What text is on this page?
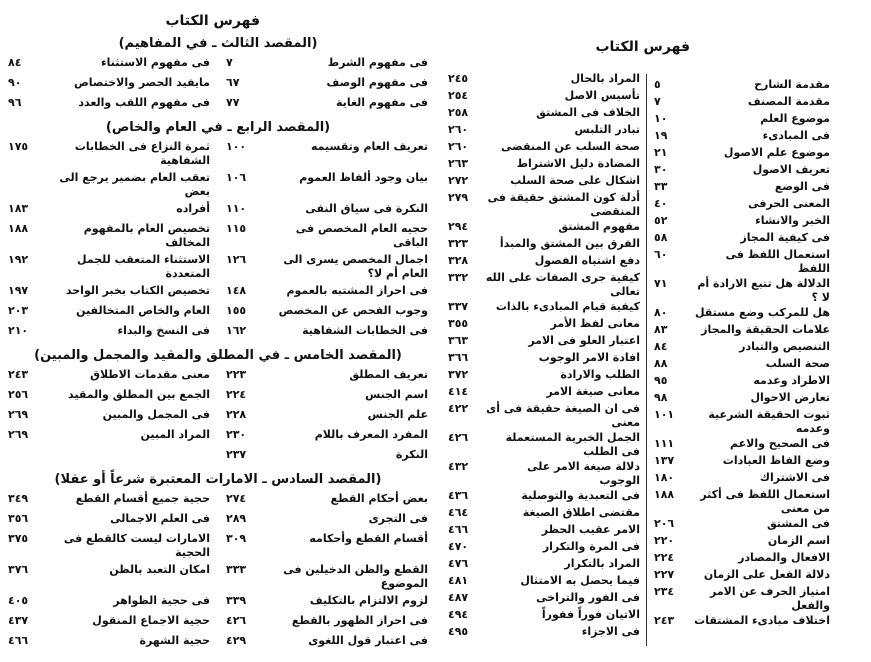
فهرس الكتاب
مقدمة الشارح
٥
مقدمة المصنف
٧
موضوع العلم
١٠
فى المبادىء
١٩
موضوع علم الاصول
٢١
تعريف الاصول
٣٠
فى الوضع
٣٣
المعنى الحرفى
٤٠
الخبر والانشاء
٥٢
فى كيفية المجاز
٥٨
استعمال اللفظ فى اللفظ
٦٠
الدلالة هل تتبع الارادة أم لا ؟
٧١
هل للمركب وضع مستقل
٨٠
علامات الحقيقة والمجاز
٨٣
التنصيص والتبادر
٨٤
صحة السلب
٨٨
الاطراد وعدمه
٩٥
تعارض الاحوال
٩٨
ثبوت الحقيقة الشرعية وعدمه
١٠١
فى الصحيح والاعم
١١١
وضع الفاظ العبادات
١٣٧
فى الاشتراك
١٨٠
استعمال اللفظ فى أكثر من معنى
١٨٨
فى المشتق
٢٠٦
اسم الزمان
٢٢٠
الافعال والمصادر
٢٢٤
دلالة الفعل على الزمان
٢٢٧
امتياز الحرف عن الامر والفعل
٢٣٤
اختلاف مبادىء المشتقات
٢٤٣
المراد بالحال
٢٤٥
تأسيس الاصل
٢٥٤
الخلاف فى المشتق
٢٥٨
تبادر التلبس
٢٦٠
صحة السلب عن المنقضى
٢٦٠
المضادة دليل الاشتراط
٢٦٣
اشكال على صحة السلب
٢٧٢
أدلة كون المشتق حقيقة فى المنقضى
٢٧٩
مفهوم المشتق
٢٩٤
الفرق بين المشتق والمبدأ
٣٢٣
دفع اشتباه الفصول
٣٢٨
كيفية جرى الصفات على الله تعالى
٣٣٢
كيفية قيام المبادىء بالذات
٣٣٧
معانى لفظ الأمر
٣٥٥
اعتبار العلو فى الامر
٣٦٣
افادة الامر الوجوب
٣٦٦
الطلب والارادة
٣٧٢
معانى صيغة الامر
٤١٤
فى ان الصيغة حقيقة فى أى معنى
٤٢٢
الجمل الخبرية المستعملة فى الطلب
٤٢٦
دلالة صيغة الامر على الوجوب
٤٣٢
فى التعبدية والتوصلية
٤٣٦
مقتضى اطلاق الصيغة
٤٦٤
الامر عقيب الحظر
٤٦٦
فى المرة والتكرار
٤٧٠
المراد بالتكرار
٤٧٦
فيما يحصل به الامتثال
٤٨١
فى الفور والتراخى
٤٨٧
الاتيان فوراً ففوراً
٤٩٤
فى الاجزاء
٤٩٥
فهرس الكتاب
(المقصد الثالث ـ في المفاهيم)
فى مفهوم الشرط
٧
فى مفهوم الاستثناء
٨٤
فى مفهوم الوصف
٦٧
مايفيد الحصر والاختصاص
٩٠
فى مفهوم الغاية
٧٧
فى مفهوم اللقب والعدد
٩٦
(المقصد الرابع ـ في العام والخاص)
تعريف العام وتقسيمه
١٠٠
ثمرة النزاع فى الخطابات الشفاهية
١٧٥
بيان وجود ألفاظ العموم
١٠٦
تعقب العام بضمير يرجع الى بعض
النكرة فى سياق النفى
١١٠
أفراده
١٨٣
حجيه العام المخصص فى الباقى
١١٥
تخصيص العام بالمفهوم المخالف
١٨٨
اجمال المخصص يسرى الى العام أم لا؟
١٢٦
الاستثناء المتعقب للجمل المتعددة
١٩٢
فى احراز المشتبه بالعموم
١٤٨
تخصيص الكتاب بخبر الواحد
١٩٧
وجوب الفحص عن المخصص
١٥٥
العام والخاص المتخالفين
٢٠٣
فى الخطابات الشفاهية
١٦٢
فى النسخ والبداء
٢١٠
(المقصد الخامس ـ في المطلق والمقيد والمجمل والمبين)
تعريف المطلق
٢٢٣
معنى مقدمات الاطلاق
٢٤٣
اسم الجنس
٢٢٤
الجمع بين المطلق والمقيد
٢٥٦
علم الجنس
٢٢٨
فى المجمل والمبين
٢٦٩
المفرد المعرف باللام
٢٣٠
المراد المبين
٢٦٩
النكرة
٢٣٧
(المقصد السادس ـ الامارات المعتبرة شرعاً أو عقلا)
بعض أحكام القطع
٢٧٤
حجية جميع أقسام القطع
٣٤٩
فى التجرى
٢٨٩
فى العلم الاجمالى
٣٥٦
أقسام القطع وأحكامه
٣٠٩
الامارات ليست كالقطع فى الحجية
٣٧٥
القطع والظن الدخيلين فى الموضوع
٣٣٣
امكان التعبد بالظن
٣٧٦
لزوم الالتزام بالتكليف
٣٣٩
فى حجية الظواهر
٤٠٥
فى احراز الظهور بالقطع
٤٢٦
حجية الاجماع المنقول
٤٣٧
فى اعتبار قول اللغوى
٤٢٩
حجية الشهرة
٤٦٦
